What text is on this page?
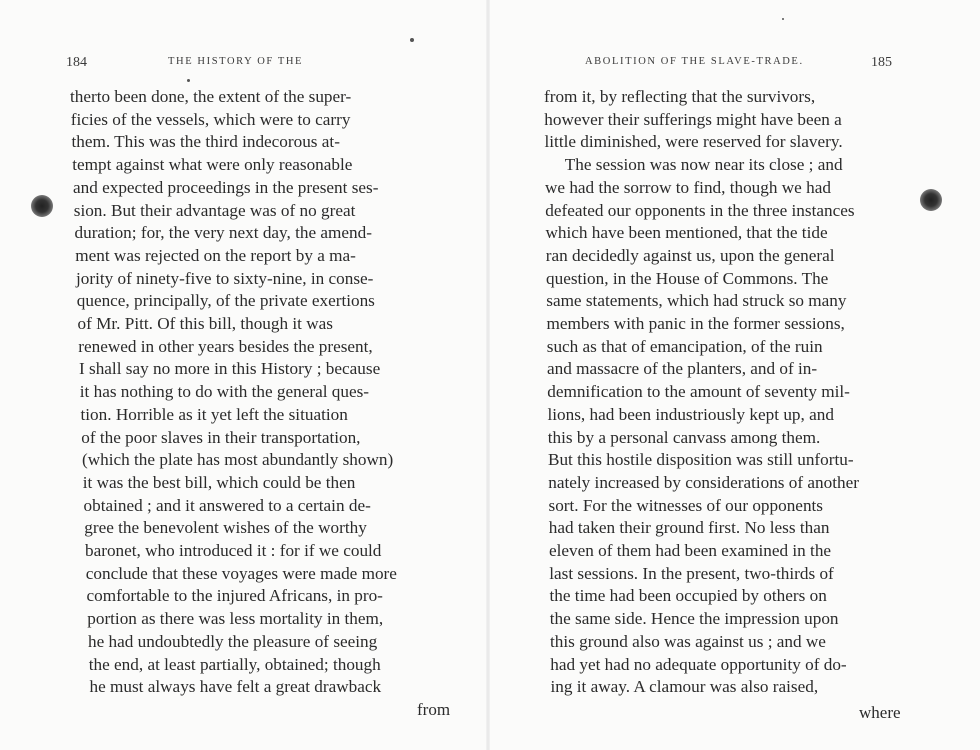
184	THE HISTORY OF THE
therto been done, the extent of the super-
ficies of the vessels, which were to carry
them. This was the third indecorous at-
tempt against what were only reasonable
and expected proceedings in the present ses-
sion. But their advantage was of no great
duration; for, the very next day, the amend-
ment was rejected on the report by a ma-
jority of ninety-five to sixty-nine, in conse-
quence, principally, of the private exertions
of Mr. Pitt. Of this bill, though it was
renewed in other years besides the present,
I shall say no more in this History ; because
it has nothing to do with the general ques-
tion. Horrible as it yet left the situation
of the poor slaves in their transportation,
(which the plate has most abundantly shown)
it was the best bill, which could be then
obtained ; and it answered to a certain de-
gree the benevolent wishes of the worthy
baronet, who introduced it : for if we could
conclude that these voyages were made more
comfortable to the injured Africans, in pro-
portion as there was less mortality in them,
he had undoubtedly the pleasure of seeing
the end, at least partially, obtained; though
he must always have felt a great drawback
from
ABOLITION OF THE SLAVE-TRADE.	185
from it, by reflecting that the survivors,
however their sufferings might have been a
little diminished, were reserved for slavery.
The session was now near its close ; and
we had the sorrow to find, though we had
defeated our opponents in the three instances
which have been mentioned, that the tide
ran decidedly against us, upon the general
question, in the House of Commons. The
same statements, which had struck so many
members with panic in the former sessions,
such as that of emancipation, of the ruin
and massacre of the planters, and of in-
demnification to the amount of seventy mil-
lions, had been industriously kept up, and
this by a personal canvass among them.
But this hostile disposition was still unfortu-
nately increased by considerations of another
sort. For the witnesses of our opponents
had taken their ground first. No less than
eleven of them had been examined in the
last sessions. In the present, two-thirds of
the time had been occupied by others on
the same side. Hence the impression upon
this ground also was against us ; and we
had yet had no adequate opportunity of do-
ing it away. A clamour was also raised,
where
